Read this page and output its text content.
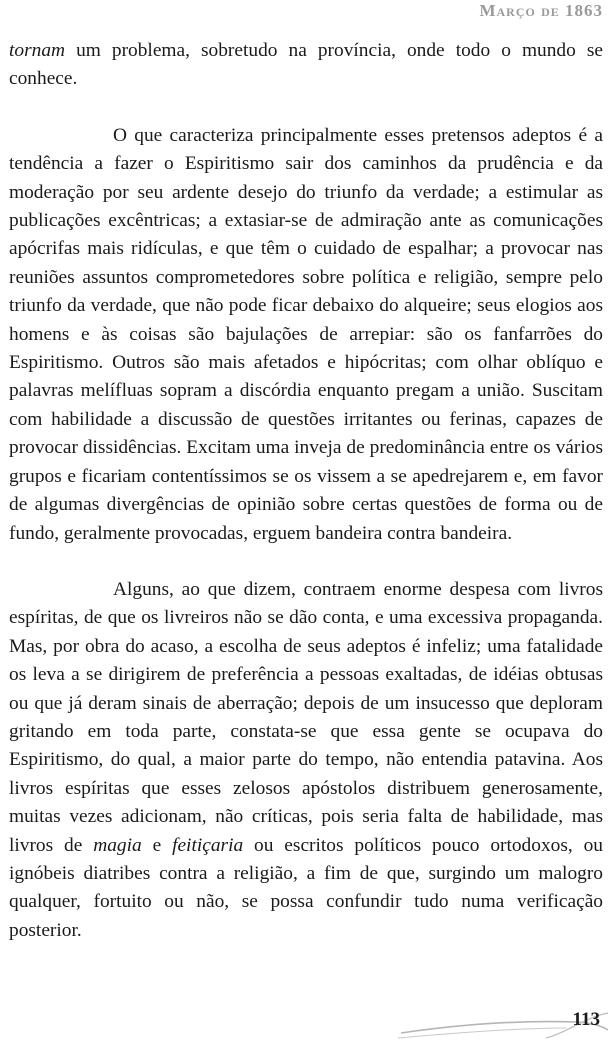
Março de 1863

tornam um problema, sobretudo na província, onde todo o mundo se conhece.

O que caracteriza principalmente esses pretensos adeptos é a tendência a fazer o Espiritismo sair dos caminhos da prudência e da moderação por seu ardente desejo do triunfo da verdade; a estimular as publicações excêntricas; a extasiar-se de admiração ante as comunicações apócrifas mais ridículas, e que têm o cuidado de espalhar; a provocar nas reuniões assuntos comprometedores sobre política e religião, sempre pelo triunfo da verdade, que não pode ficar debaixo do alqueire; seus elogios aos homens e às coisas são bajulações de arrepiar: são os fanfarrões do Espiritismo. Outros são mais afetados e hipócritas; com olhar oblíquo e palavras melífluas sopram a discórdia enquanto pregam a união. Suscitam com habilidade a discussão de questões irritantes ou ferinas, capazes de provocar dissidências. Excitam uma inveja de predominância entre os vários grupos e ficariam contentíssimos se os vissem a se apedrejarem e, em favor de algumas divergências de opinião sobre certas questões de forma ou de fundo, geralmente provocadas, erguem bandeira contra bandeira.

Alguns, ao que dizem, contraem enorme despesa com livros espíritas, de que os livreiros não se dão conta, e uma excessiva propaganda. Mas, por obra do acaso, a escolha de seus adeptos é infeliz; uma fatalidade os leva a se dirigirem de preferência a pessoas exaltadas, de idéias obtusas ou que já deram sinais de aberração; depois de um insucesso que deploram gritando em toda parte, constata-se que essa gente se ocupava do Espiritismo, do qual, a maior parte do tempo, não entendia patavina. Aos livros espíritas que esses zelosos apóstolos distribuem generosamente, muitas vezes adicionam, não críticas, pois seria falta de habilidade, mas livros de magia e feitiçaria ou escritos políticos pouco ortodoxos, ou ignóbeis diatribes contra a religião, a fim de que, surgindo um malogro qualquer, fortuito ou não, se possa confundir tudo numa verificação posterior.

113
